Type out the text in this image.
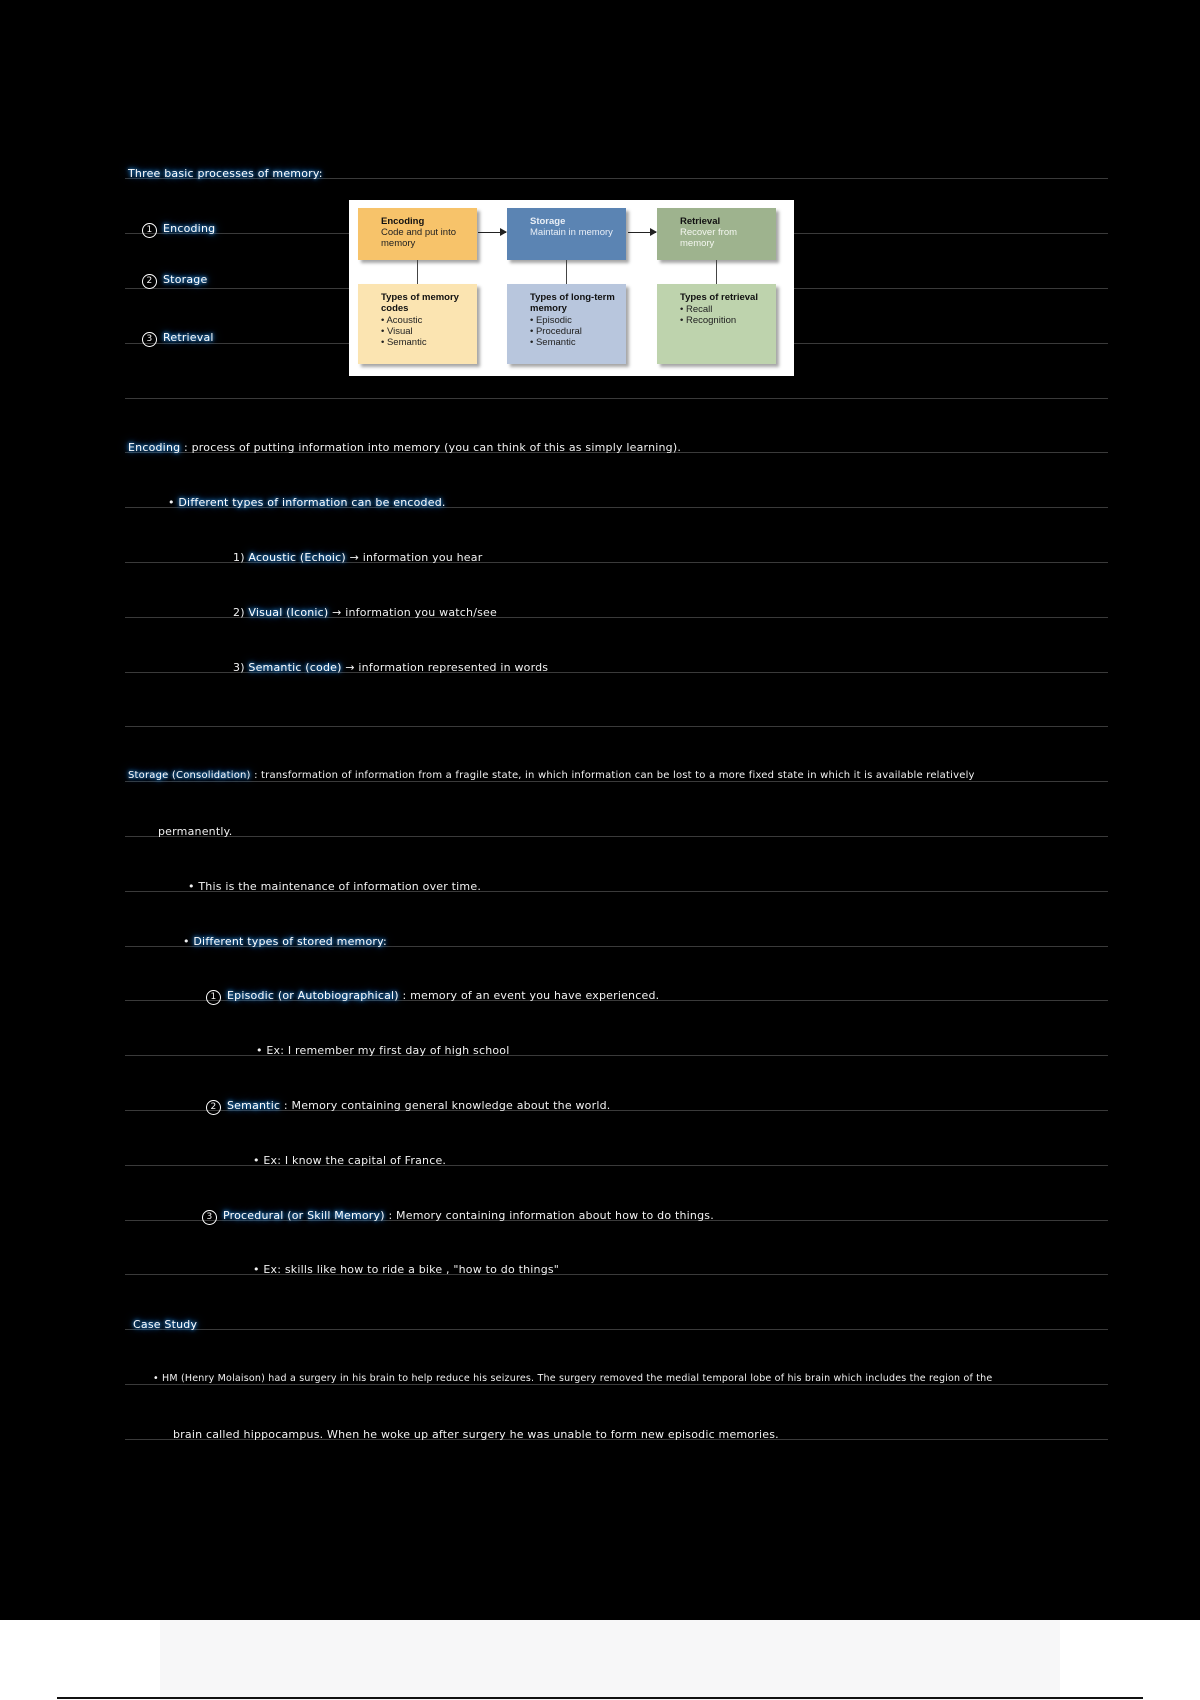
Three basic processes of memory:
1 Encoding
2 Storage
3 Retrieval
Encoding
Code and put into memory
Storage
Maintain in memory
Retrieval
Recover from memory
Types of memory codes
• Acoustic
• Visual
• Semantic
Types of long-term memory
• Episodic
• Procedural
• Semantic
Types of retrieval
• Recall
• Recognition
Encoding : process of putting information into memory (you can think of this as simply learning).
• Different types of information can be encoded.
1) Acoustic (Echoic) → information you hear
2) Visual (Iconic) → information you watch/see
3) Semantic (code) → information represented in words
Storage (Consolidation) : transformation of information from a fragile state, in which information can be lost to a more fixed state in which it is available relatively
permanently.
• This is the maintenance of information over time.
• Different types of stored memory:
1 Episodic (or Autobiographical) : memory of an event you have experienced.
• Ex: I remember my first day of high school
2 Semantic : Memory containing general knowledge about the world.
• Ex: I know the capital of France.
3 Procedural (or Skill Memory) : Memory containing information about how to do things.
• Ex: skills like how to ride a bike , "how to do things"
Case Study
• HM (Henry Molaison) had a surgery in his brain to help reduce his seizures. The surgery removed the medial temporal lobe of his brain which includes the region of the
brain called hippocampus. When he woke up after surgery he was unable to form new episodic memories.
